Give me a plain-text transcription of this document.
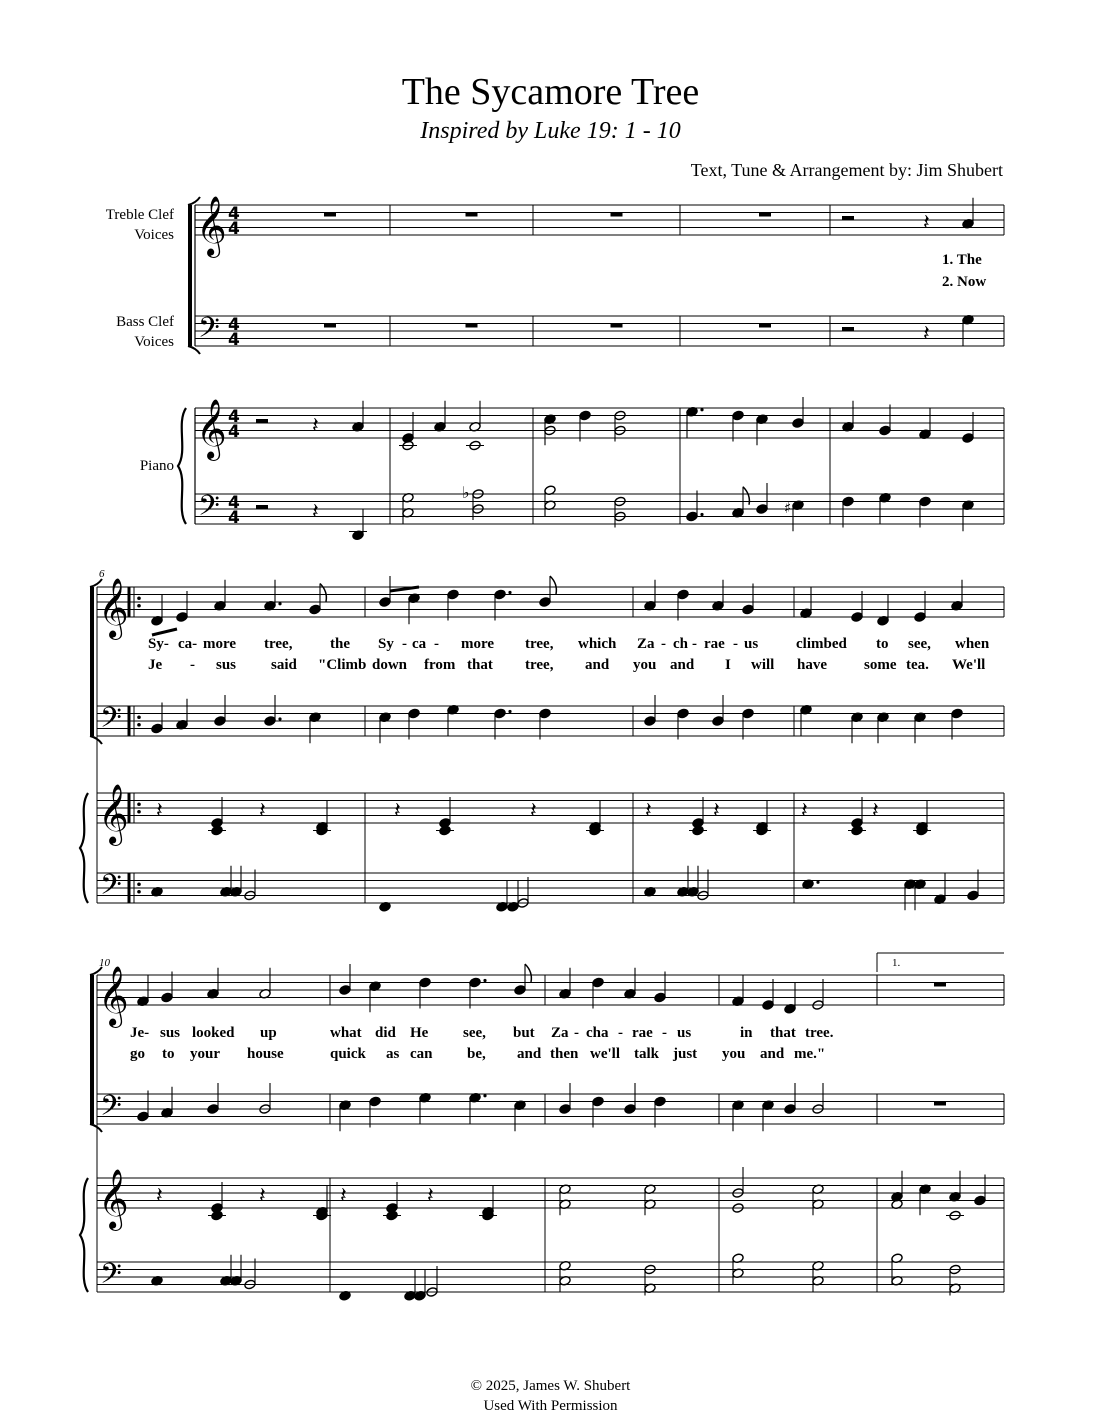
The Sycamore Tree
Inspired by Luke 19: 1 - 10
Text, Tune & Arrangement by: Jim Shubert
Treble Clef
Voices
Bass Clef
Voices
Piano
1. The
2. Now
6
10	1.
Sy- ca- more tree,	the Sy - ca - more tree, which Za - ch - rae - us	climbed to see, when
Je - sus said "Climb down from that tree, and you and I will have some tea. We'll
Je- sus looked up	what did He see, but Za - cha - rae - us	in that tree.
go to your house	quick as can be, and then we'll talk just you and me."
© 2025, James W. Shubert
Used With Permission
𝄞
𝄢
𝄞
𝄢
4
4
4
4
4
4
4
4
𝄽
𝄽
𝄽
𝄽
♭
♯
𝄞
𝄢
𝄞
𝄢
𝄽	𝄽	𝄽	𝄽	𝄽	𝄽	𝄽	𝄽
𝄞
𝄢
𝄞
𝄢
𝄽	𝄽	𝄽	𝄽
